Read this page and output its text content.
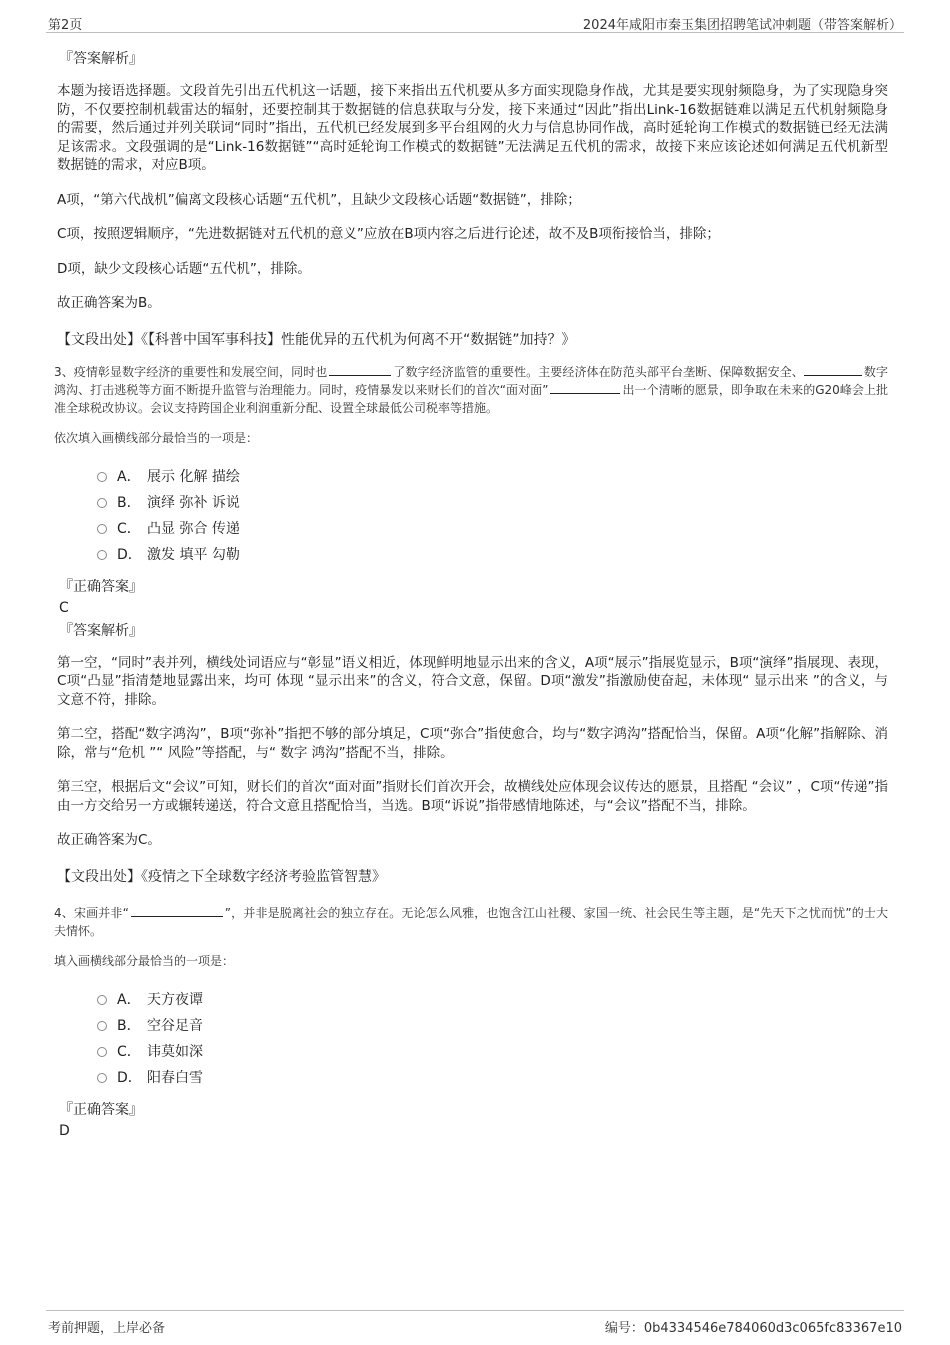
第2页	2024年咸阳市秦玉集团招聘笔试冲刺题（带答案解析）
『答案解析』
本题为接语选择题。文段首先引出五代机这一话题，接下来指出五代机要从多方面实现隐身作战，尤其是要实现射频隐身，为了实现隐身突防，不仅要控制机载雷达的辐射，还要控制其于数据链的信息获取与分发，接下来通过“因此”指出Link-16数据链难以满足五代机射频隐身的需要，然后通过并列关联词“同时”指出，五代机已经发展到多平台组网的火力与信息协同作战，高时延轮询工作模式的数据链已经无法满足该需求。文段强调的是“Link-16数据链”“高时延轮询工作模式的数据链”无法满足五代机的需求，故接下来应该论述如何满足五代机新型数据链的需求，对应B项。
A项，“第六代战机”偏离文段核心话题“五代机”，且缺少文段核心话题“数据链”，排除；
C项，按照逻辑顺序，“先进数据链对五代机的意义”应放在B项内容之后进行论述，故不及B项衔接恰当，排除；
D项，缺少文段核心话题“五代机”，排除。
故正确答案为B。
【文段出处】《【科普中国军事科技】性能优异的五代机为何离不开“数据链”加持？》
3、疫情彰显数字经济的重要性和发展空间，同时也	了数字经济监管的重要性。主要经济体在防范头部平台垄断、保障数据安全、	数字鸿沟、打击逃税等方面不断提升监管与治理能力。同时，疫情暴发以来财长们的首次“面对面”	出一个清晰的愿景，即争取在未来的G20峰会上批准全球税改协议。会议支持跨国企业利润重新分配、设置全球最低公司税率等措施。
依次填入画横线部分最恰当的一项是：
A． 展示 化解 描绘
B． 演绎 弥补 诉说
C． 凸显 弥合 传递
D． 激发 填平 勾勒
『正确答案』
C
『答案解析』
第一空，“同时”表并列，横线处词语应与“彰显”语义相近，体现鲜明地显示出来的含义，A项“展示”指展览显示，B项“演绎”指展现、表现，C项“凸显”指清楚地显露出来，均可 体现 “显示出来”的含义，符合文意，保留。D项“激发”指激励使奋起，未体现“ 显示出来 ”的含义，与文意不符，排除。
第二空，搭配“数字鸿沟”，B项“弥补”指把不够的部分填足，C项“弥合”指使愈合，均与“数字鸿沟”搭配恰当，保留。A项“化解”指解除、消除，常与“危机 ”“ 风险”等搭配，与“ 数字 鸿沟”搭配不当，排除。
第三空，根据后文“会议”可知，财长们的首次“面对面”指财长们首次开会，故横线处应体现会议传达的愿景，且搭配 “会议” ，C项“传递”指由一方交给另一方或辗转递送，符合文意且搭配恰当，当选。B项“诉说”指带感情地陈述，与“会议”搭配不当，排除。
故正确答案为C。
【文段出处】《疫情之下全球数字经济考验监管智慧》
4、宋画并非“	”，并非是脱离社会的独立存在。无论怎么风雅，也饱含江山社稷、家国一统、社会民生等主题，是“先天下之忧而忧”的士大夫情怀。
填入画横线部分最恰当的一项是：
A． 天方夜谭
B． 空谷足音
C． 讳莫如深
D． 阳春白雪
『正确答案』
D
考前押题，上岸必备	编号：0b4334546e784060d3c065fc83367e10
